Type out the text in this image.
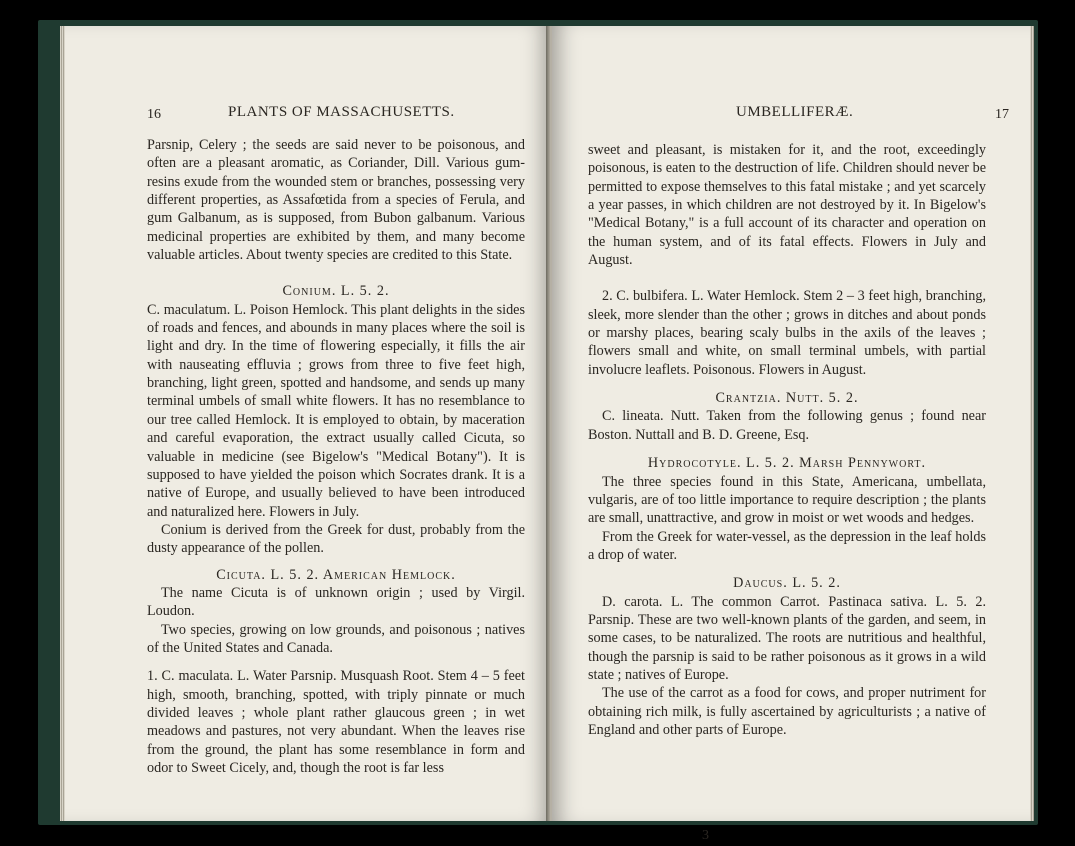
16	PLANTS OF MASSACHUSETTS.

Parsnip, Celery ; the seeds are said never to be poisonous, and often are a pleasant aromatic, as Coriander, Dill. Various gum-resins exude from the wounded stem or branches, possessing very different properties, as Assafœtida from a species of Ferula, and gum Galbanum, as is supposed, from Bubon galbanum. Various medicinal properties are exhibited by them, and many become valuable articles. About twenty species are credited to this State.

Conium. L. 5. 2.

C. maculatum. L. Poison Hemlock. This plant delights in the sides of roads and fences, and abounds in many places where the soil is light and dry. In the time of flowering especially, it fills the air with nauseating effluvia ; grows from three to five feet high, branching, light green, spotted and handsome, and sends up many terminal umbels of small white flowers. It has no resemblance to our tree called Hemlock. It is employed to obtain, by maceration and careful evaporation, the extract usually called Cicuta, so valuable in medicine (see Bigelow's "Medical Botany"). It is supposed to have yielded the poison which Socrates drank. It is a native of Europe, and usually believed to have been introduced and naturalized here. Flowers in July.

Conium is derived from the Greek for dust, probably from the dusty appearance of the pollen.

Cicuta. L. 5. 2. American Hemlock.

The name Cicuta is of unknown origin ; used by Virgil. Loudon.

Two species, growing on low grounds, and poisonous ; natives of the United States and Canada.

1. C. maculata. L. Water Parsnip. Musquash Root. Stem 4 – 5 feet high, smooth, branching, spotted, with triply pinnate or much divided leaves ; whole plant rather glaucous green ; in wet meadows and pastures, not very abundant. When the leaves rise from the ground, the plant has some resemblance in form and odor to Sweet Cicely, and, though the root is far less

UMBELLIFERÆ.	17

sweet and pleasant, is mistaken for it, and the root, exceedingly poisonous, is eaten to the destruction of life. Children should never be permitted to expose themselves to this fatal mistake ; and yet scarcely a year passes, in which children are not destroyed by it. In Bigelow's "Medical Botany," is a full account of its character and operation on the human system, and of its fatal effects. Flowers in July and August.

2. C. bulbifera. L. Water Hemlock. Stem 2 – 3 feet high, branching, sleek, more slender than the other ; grows in ditches and about ponds or marshy places, bearing scaly bulbs in the axils of the leaves ; flowers small and white, on small terminal umbels, with partial involucre leaflets. Poisonous. Flowers in August.

Crantzia. Nutt. 5. 2.

C. lineata. Nutt. Taken from the following genus ; found near Boston. Nuttall and B. D. Greene, Esq.

Hydrocotyle. L. 5. 2. Marsh Pennywort.

The three species found in this State, Americana, umbellata, vulgaris, are of too little importance to require description ; the plants are small, unattractive, and grow in moist or wet woods and hedges.

From the Greek for water-vessel, as the depression in the leaf holds a drop of water.

Daucus. L. 5. 2.

D. carota. L. The common Carrot. Pastinaca sativa. L. 5. 2. Parsnip. These are two well-known plants of the garden, and seem, in some cases, to be naturalized. The roots are nutritious and healthful, though the parsnip is said to be rather poisonous as it grows in a wild state ; natives of Europe.

The use of the carrot as a food for cows, and proper nutriment for obtaining rich milk, is fully ascertained by agriculturists ; a native of England and other parts of Europe.

3
